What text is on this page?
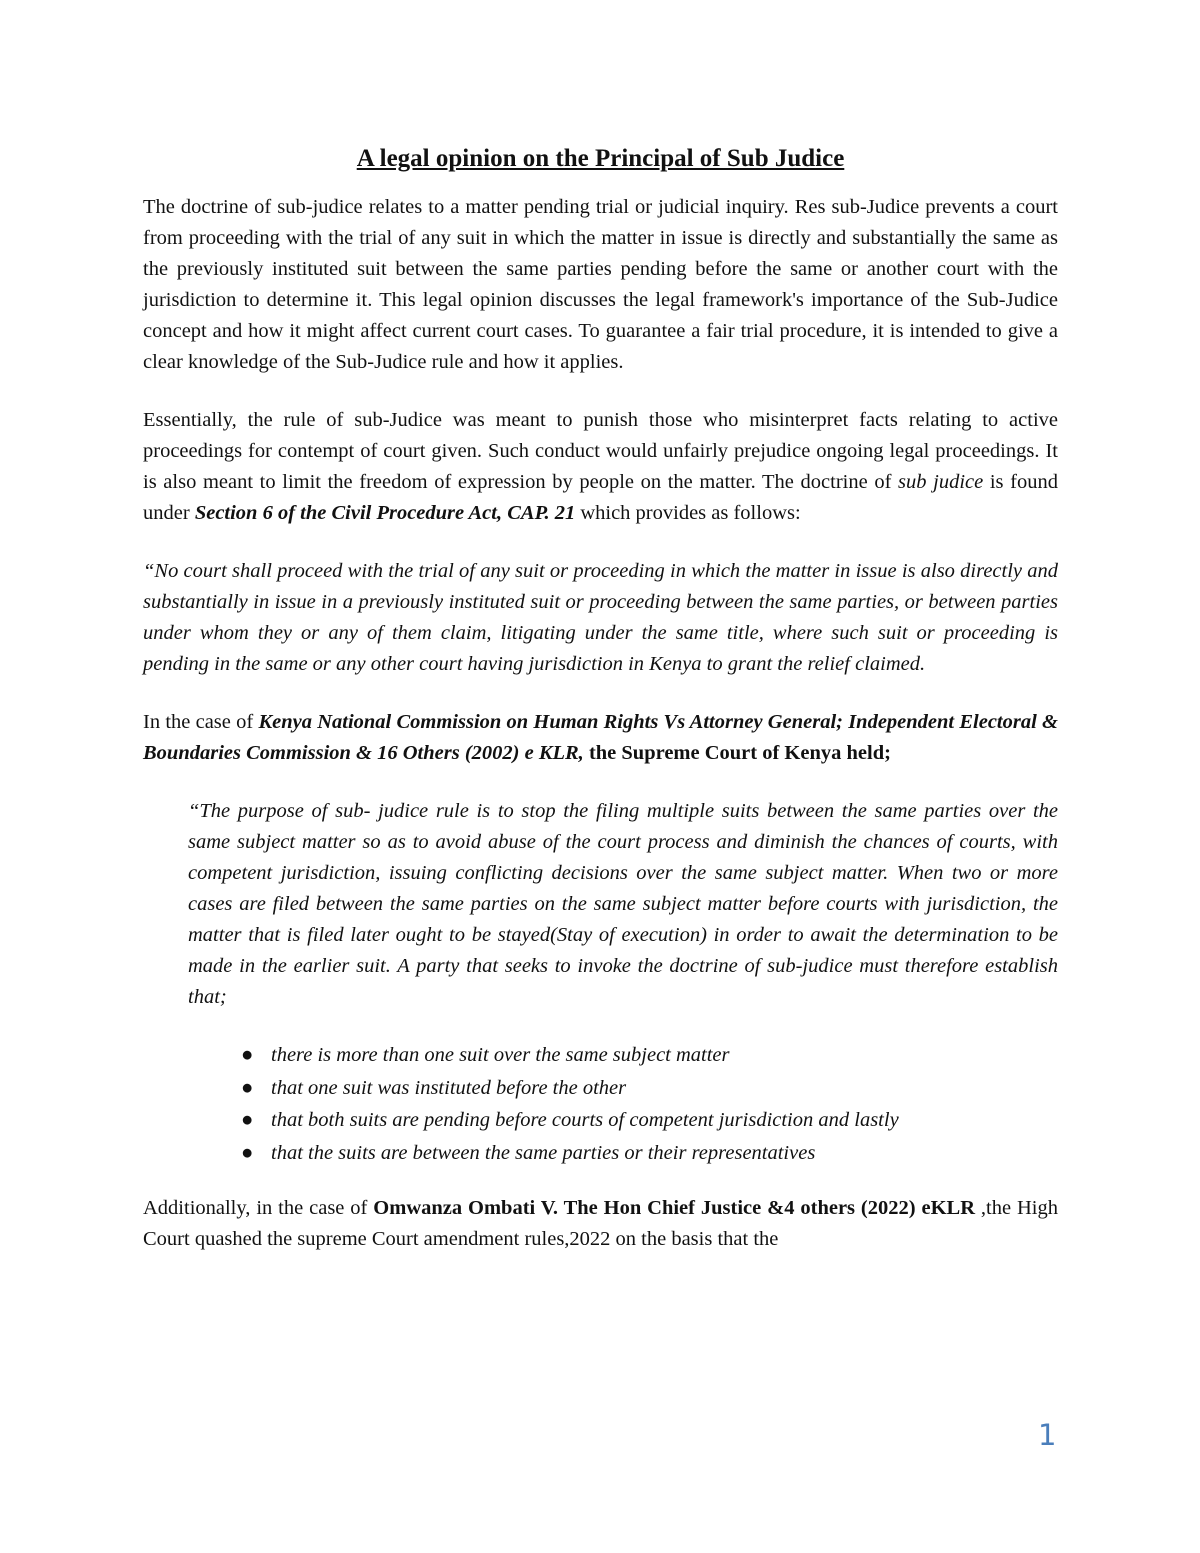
A legal opinion on the Principal of Sub Judice

The doctrine of sub-judice relates to a matter pending trial or judicial inquiry. Res sub-Judice prevents a court from proceeding with the trial of any suit in which the matter in issue is directly and substantially the same as the previously instituted suit between the same parties pending before the same or another court with the jurisdiction to determine it. This legal opinion discusses the legal framework's importance of the Sub-Judice concept and how it might affect current court cases. To guarantee a fair trial procedure, it is intended to give a clear knowledge of the Sub-Judice rule and how it applies.

Essentially, the rule of sub-Judice was meant to punish those who misinterpret facts relating to active proceedings for contempt of court given. Such conduct would unfairly prejudice ongoing legal proceedings. It is also meant to limit the freedom of expression by people on the matter. The doctrine of sub judice is found under Section 6 of the Civil Procedure Act, CAP. 21 which provides as follows:

“No court shall proceed with the trial of any suit or proceeding in which the matter in issue is also directly and substantially in issue in a previously instituted suit or proceeding between the same parties, or between parties under whom they or any of them claim, litigating under the same title, where such suit or proceeding is pending in the same or any other court having jurisdiction in Kenya to grant the relief claimed.

In the case of Kenya National Commission on Human Rights Vs Attorney General; Independent Electoral & Boundaries Commission & 16 Others (2002) e KLR, the Supreme Court of Kenya held;

“The purpose of sub- judice rule is to stop the filing multiple suits between the same parties over the same subject matter so as to avoid abuse of the court process and diminish the chances of courts, with competent jurisdiction, issuing conflicting decisions over the same subject matter. When two or more cases are filed between the same parties on the same subject matter before courts with jurisdiction, the matter that is filed later ought to be stayed(Stay of execution) in order to await the determination to be made in the earlier suit. A party that seeks to invoke the doctrine of sub-judice must therefore establish that;

● there is more than one suit over the same subject matter
● that one suit was instituted before the other
● that both suits are pending before courts of competent jurisdiction and lastly
● that the suits are between the same parties or their representatives

Additionally, in the case of Omwanza Ombati V. The Hon Chief Justice &4 others (2022) eKLR ,the High Court quashed the supreme Court amendment rules,2022 on the basis that the

1
